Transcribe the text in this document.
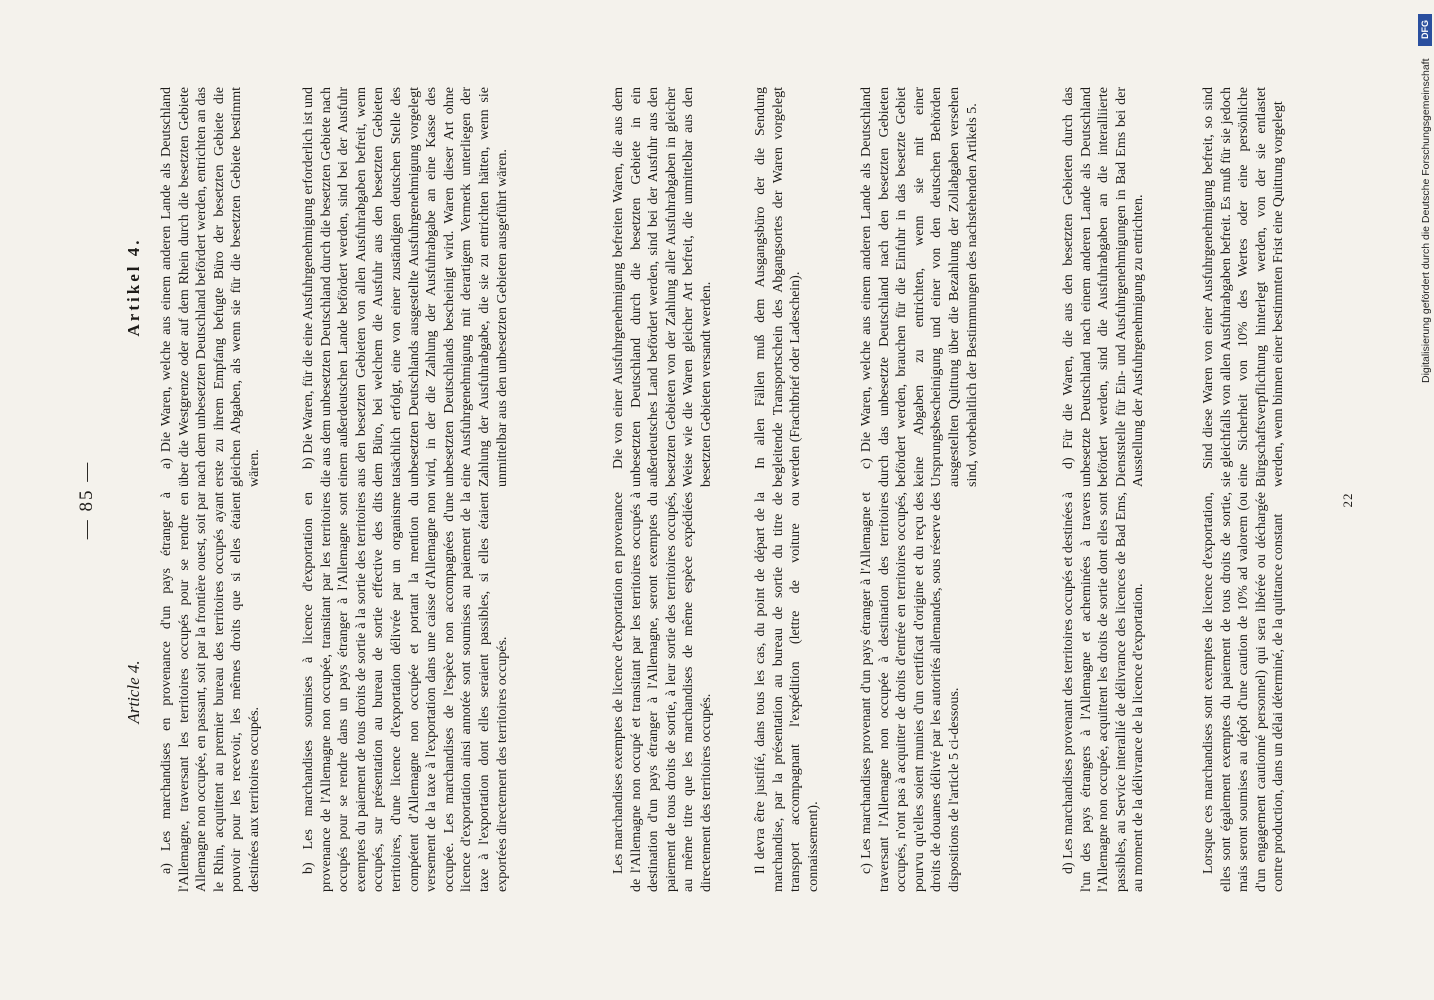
— 85 —
Article 4. a) Les marchandises en provenance d'un pays étranger à l'Allemagne, traversant les territoires occupés pour se rendre en Allemagne non occupée, en passant, soit par la frontière ouest, soit par le Rhin, acquittent au premier bureau des territoires occupés ayant pouvoir pour les recevoir, les mêmes droits que si elles étaient destinées aux territoires occupés.	b) Les marchandises soumises à licence d'exportation en provenance de l'Allemagne non occupée, transitant par les territoires occupés pour se rendre dans un pays étranger à l'Allemagne sont exemptes du paiement de tous droits de sortie à la sortie des territoires occupés, sur présentation au bureau de sortie effective des dits territoires, d'une licence d'exportation délivrée par un organisme compétent d'Allemagne non occupée et portant la mention du versement de la taxe à l'exportation dans une caisse d'Allemagne non occupée. Les marchandises de l'espèce non accompagnées d'une licence d'exportation ainsi annotée sont soumises au paiement de la taxe à l'exportation dont elles seraient passibles, si elles étaient exportées directement des territoires occupés.	Les marchandises exemptes de licence d'exportation en provenance de l'Allemagne non occupé et transitant par les territoires occupés à destination d'un pays étranger à l'Allemagne, seront exemptes du paiement de tous droits de sortie, à leur sortie des territoires occupés, au même titre que les marchandises de même espèce expédiées directement des territoires occupés.	Il devra être justifié, dans tous les cas, du point de départ de la marchandise, par la présentation au bureau de sortie du titre de transport accompagnant l'expédition (lettre de voiture ou connaissement).	c) Les marchandises provenant d'un pays étranger à l'Allemagne et traversant l'Allemagne non occupée à destination des territoires occupés, n'ont pas à acquitter de droits d'entrée en territoires occupés, pourvu qu'elles soient munies d'un certificat d'origine et du reçu des droits de douanes délivré par les autorités allemandes, sous réserve des dispositions de l'article 5 ci-dessous.	d) Les marchandises provenant des territoires occupés et destinées à l'un des pays étrangers à l'Allemagne et acheminées à travers l'Allemagne non occupée, acquittent les droits de sortie dont elles sont passibles, au Service interallié de délivrance des licences de Bad Ems, au moment de la délivrance de la licence d'exportation.	Lorsque ces marchandises sont exemptes de licence d'exportation, elles sont également exemptes du paiement de tous droits de sortie, mais seront soumises au dépôt d'une caution de 10% ad valorem (ou d'un engagement cautionné personnel) qui sera libérée ou déchargée contre production, dans un délai déterminé, de la quittance constant

Artikel 4. a) Die Waren, welche aus einem anderen Lande als Deutschland über die Westgrenze oder auf dem Rhein durch die besetzten Gebiete nach dem unbesetzten Deutschland befördert werden, entrichten an das erste zu ihrem Empfang befugte Büro der besetzten Gebiete die gleichen Abgaben, als wenn sie für die besetzten Gebiete bestimmt wären.	b) Die Waren, für die eine Ausfuhrgenehmigung erforderlich ist und die aus dem unbesetzten Deutschland durch die besetzten Gebiete nach einem außerdeutschen Lande befördert werden, sind bei der Ausfuhr aus den besetzten Gebieten von allen Ausfuhrabgaben befreit, wenn dem Büro, bei welchem die Ausfuhr aus den besetzten Gebieten tatsächlich erfolgt, eine von einer zuständigen deutschen Stelle des unbesetzten Deutschlands ausgestellte Ausfuhrgenehmigung vorgelegt wird, in der die Zahlung der Ausfuhrabgabe an eine Kasse des unbesetzten Deutschlands bescheinigt wird. Waren dieser Art ohne eine Ausfuhrgenehmigung mit derartigem Vermerk unterliegen der Zahlung der Ausfuhrabgabe, die sie zu entrichten hätten, wenn sie unmittelbar aus den unbesetzten Gebieten ausgeführt wären.	Die von einer Ausfuhrgenehmigung befreiten Waren, die aus dem unbesetzten Deutschland durch die besetzten Gebiete in ein außerdeutsches Land befördert werden, sind bei der Ausfuhr aus den besetzten Gebieten von der Zahlung aller Ausfuhrabgaben in gleicher Weise wie die Waren gleicher Art befreit, die unmittelbar aus den besetzten Gebieten versandt werden.	In allen Fällen muß dem Ausgangsbüro der die Sendung begleitende Transportschein des Abgangsortes der Waren vorgelegt werden (Frachtbrief oder Ladeschein).	c) Die Waren, welche aus einem anderen Lande als Deutschland durch das unbesetzte Deutschland nach den besetzten Gebieten befördert werden, brauchen für die Einfuhr in das besetzte Gebiet keine Abgaben zu entrichten, wenn sie mit einer Ursprungsbescheinigung und einer von den deutschen Behörden ausgestellten Quittung über die Bezahlung der Zollabgaben versehen sind, vorbehaltlich der Bestimmungen des nachstehenden Artikels 5.	d) Für die Waren, die aus den besetzten Gebieten durch das unbesetzte Deutschland nach einem anderen Lande als Deutschland befördert werden, sind die Ausfuhrabgaben an die interalliierte Dienststelle für Ein- und Ausfuhrgenehmigungen in Bad Ems bei der Ausstellung der Ausfuhrgenehmigung zu entrichten.	Sind diese Waren von einer Ausfuhrgenehmigung befreit, so sind sie gleichfalls von allen Ausfuhrabgaben befreit. Es muß für sie jedoch eine Sicherheit von 10% des Wertes oder eine persönliche Bürgschaftsverpflichtung hinterlegt werden, von der sie entlastet werden, wenn binnen einer bestimmten Frist eine Quittung vorgelegt

22
DFG
Digitalisierung gefördert durch die Deutsche Forschungsgemeinschaft
